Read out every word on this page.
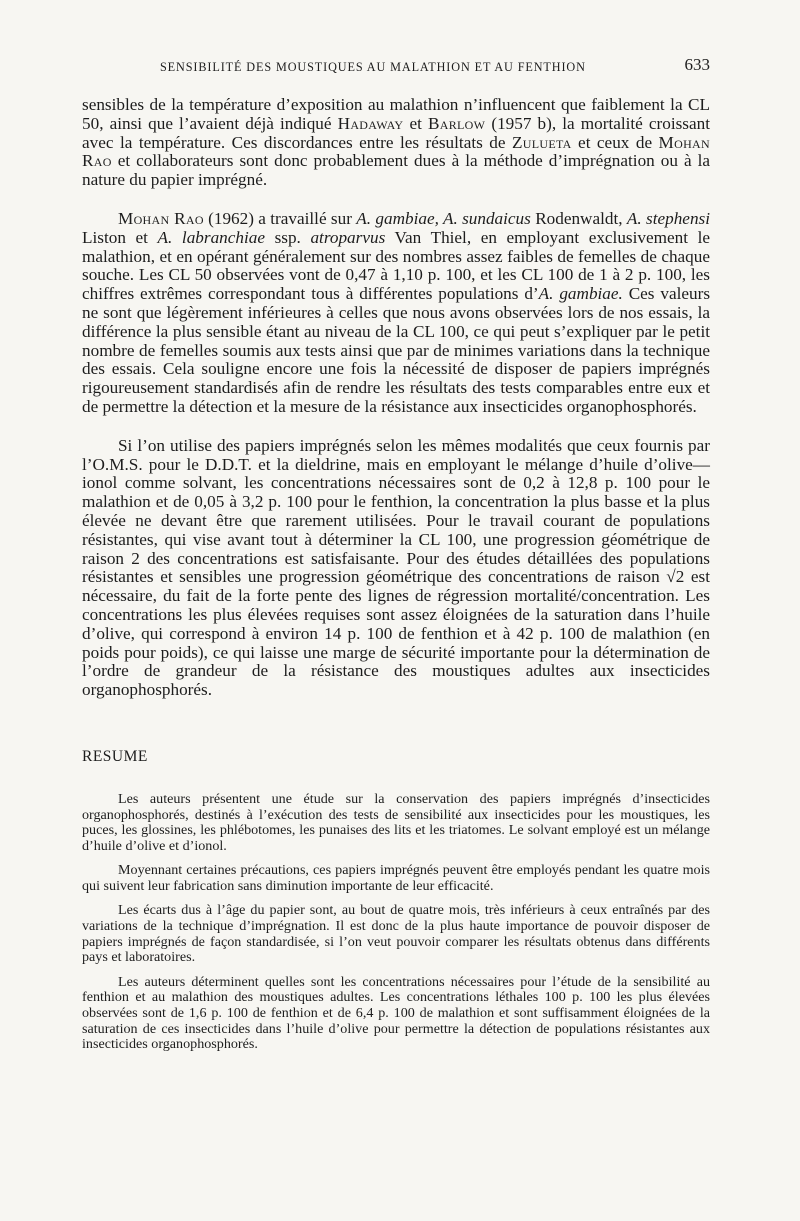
SENSIBILITÉ DES MOUSTIQUES AU MALATHION ET AU FENTHION	633

sensibles de la température d’exposition au malathion n’influencent que faiblement la CL 50, ainsi que l’avaient déjà indiqué Hadaway et Barlow (1957 b), la mortalité croissant avec la température. Ces discordances entre les résultats de Zulueta et ceux de Mohan Rao et collaborateurs sont donc probablement dues à la méthode d’imprégnation ou à la nature du papier imprégné.

Mohan Rao (1962) a travaillé sur A. gambiae, A. sundaicus Rodenwaldt, A. stephensi Liston et A. labranchiae ssp. atroparvus Van Thiel, en employant exclusivement le malathion, et en opérant généralement sur des nombres assez faibles de femelles de chaque souche. Les CL 50 observées vont de 0,47 à 1,10 p. 100, et les CL 100 de 1 à 2 p. 100, les chiffres extrêmes correspondant tous à différentes populations d’A. gambiae. Ces valeurs ne sont que légèrement inférieures à celles que nous avons observées lors de nos essais, la différence la plus sensible étant au niveau de la CL 100, ce qui peut s’expliquer par le petit nombre de femelles soumis aux tests ainsi que par de minimes variations dans la technique des essais. Cela souligne encore une fois la nécessité de disposer de papiers imprégnés rigoureusement standardisés afin de rendre les résultats des tests comparables entre eux et de permettre la détection et la mesure de la résistance aux insecticides organophosphorés.

Si l’on utilise des papiers imprégnés selon les mêmes modalités que ceux fournis par l’O.M.S. pour le D.D.T. et la dieldrine, mais en employant le mélange d’huile d’olive—ionol comme solvant, les concentrations nécessaires sont de 0,2 à 12,8 p. 100 pour le malathion et de 0,05 à 3,2 p. 100 pour le fenthion, la concentration la plus basse et la plus élevée ne devant être que rarement utilisées. Pour le travail courant de populations résistantes, qui vise avant tout à déterminer la CL 100, une progression géométrique de raison 2 des concentrations est satisfaisante. Pour des études détaillées des populations résistantes et sensibles une progression géométrique des concentrations de raison √2 est nécessaire, du fait de la forte pente des lignes de régression mortalité/concentration. Les concentrations les plus élevées requises sont assez éloignées de la saturation dans l’huile d’olive, qui correspond à environ 14 p. 100 de fenthion et à 42 p. 100 de malathion (en poids pour poids), ce qui laisse une marge de sécurité importante pour la détermination de l’ordre de grandeur de la résistance des moustiques adultes aux insecticides organophosphorés.

RESUME

Les auteurs présentent une étude sur la conservation des papiers imprégnés d’insecticides organophosphorés, destinés à l’exécution des tests de sensibilité aux insecticides pour les moustiques, les puces, les glossines, les phlébotomes, les punaises des lits et les triatomes. Le solvant employé est un mélange d’huile d’olive et d’ionol.

Moyennant certaines précautions, ces papiers imprégnés peuvent être employés pendant les quatre mois qui suivent leur fabrication sans diminution importante de leur efficacité.

Les écarts dus à l’âge du papier sont, au bout de quatre mois, très inférieurs à ceux entraînés par des variations de la technique d’imprégnation. Il est donc de la plus haute importance de pouvoir disposer de papiers imprégnés de façon standardisée, si l’on veut pouvoir comparer les résultats obtenus dans différents pays et laboratoires.

Les auteurs déterminent quelles sont les concentrations nécessaires pour l’étude de la sensibilité au fenthion et au malathion des moustiques adultes. Les concentrations léthales 100 p. 100 les plus élevées observées sont de 1,6 p. 100 de fenthion et de 6,4 p. 100 de malathion et sont suffisamment éloignées de la saturation de ces insecticides dans l’huile d’olive pour permettre la détection de populations résistantes aux insecticides organophosphorés.
